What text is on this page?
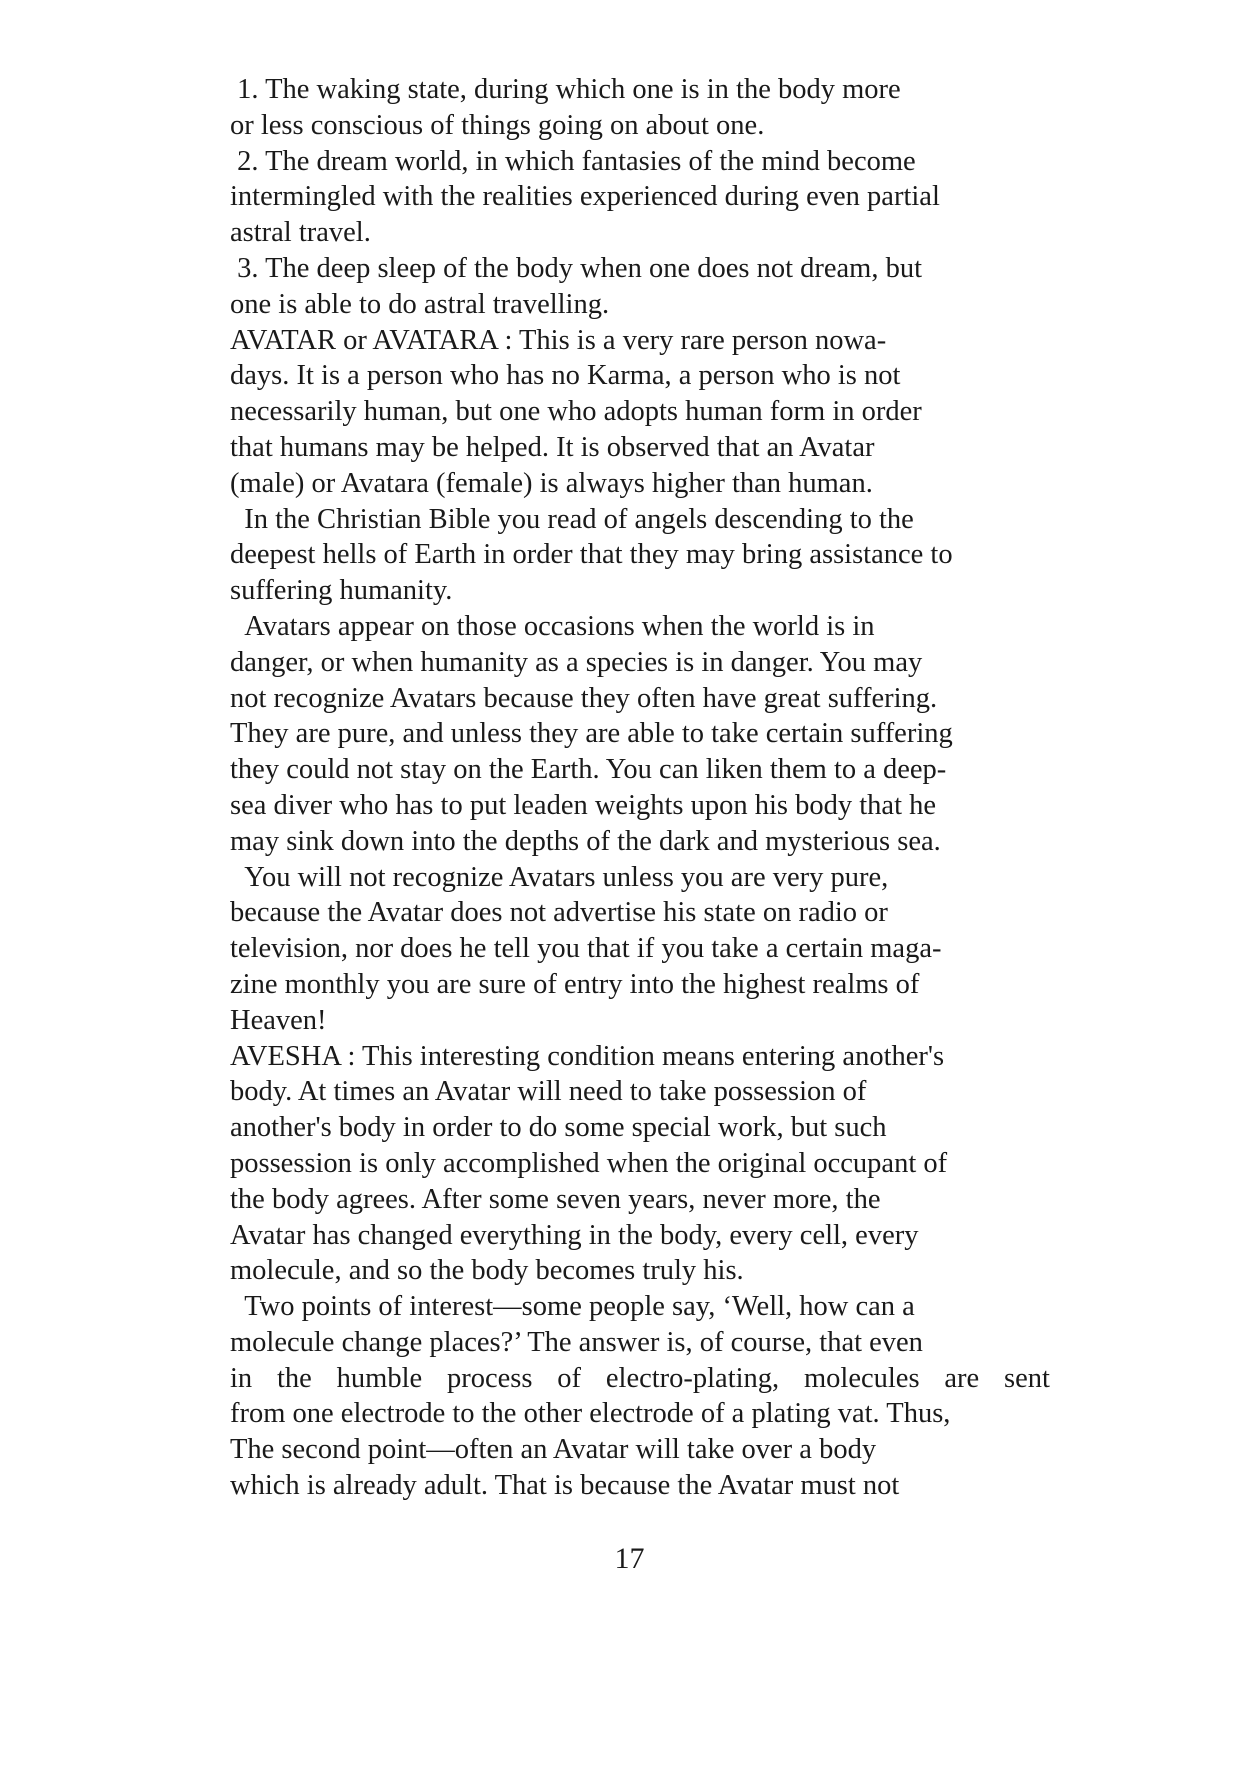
1. The waking state, during which one is in the body more
or less conscious of things going on about one.
2. The dream world, in which fantasies of the mind become
intermingled with the realities experienced during even partial
astral travel.
3. The deep sleep of the body when one does not dream, but
one is able to do astral travelling.
AVATAR or AVATARA : This is a very rare person nowa-
days. It is a person who has no Karma, a person who is not
necessarily human, but one who adopts human form in order
that humans may be helped. It is observed that an Avatar
(male) or Avatara (female) is always higher than human.
In the Christian Bible you read of angels descending to the
deepest hells of Earth in order that they may bring assistance to
suffering humanity.
Avatars appear on those occasions when the world is in
danger, or when humanity as a species is in danger. You may
not recognize Avatars because they often have great suffering.
They are pure, and unless they are able to take certain suffering
they could not stay on the Earth. You can liken them to a deep-
sea diver who has to put leaden weights upon his body that he
may sink down into the depths of the dark and mysterious sea.
You will not recognize Avatars unless you are very pure,
because the Avatar does not advertise his state on radio or
television, nor does he tell you that if you take a certain maga-
zine monthly you are sure of entry into the highest realms of
Heaven!
AVESHA : This interesting condition means entering another's
body. At times an Avatar will need to take possession of
another's body in order to do some special work, but such
possession is only accomplished when the original occupant of
the body agrees. After some seven years, never more, the
Avatar has changed everything in the body, every cell, every
molecule, and so the body becomes truly his.
Two points of interest—some people say, ‘Well, how can a
molecule change places?’ The answer is, of course, that even
in the humble process of electro-plating, molecules are sent
from one electrode to the other electrode of a plating vat. Thus,
The second point—often an Avatar will take over a body
which is already adult. That is because the Avatar must not
17
